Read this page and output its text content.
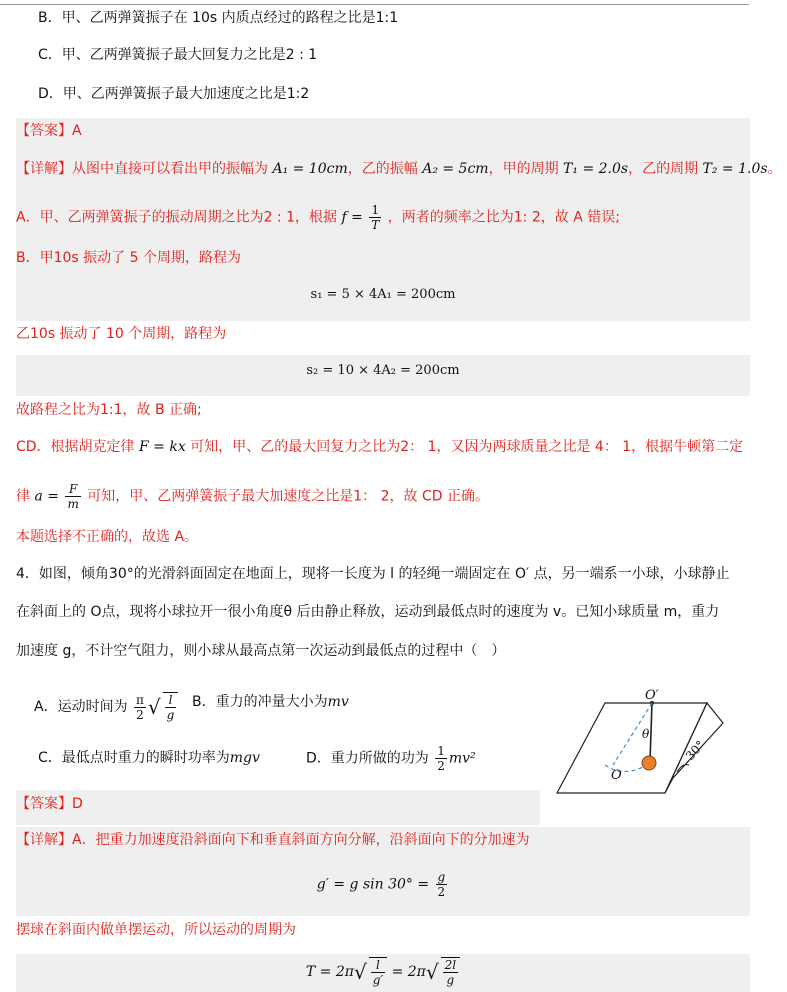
B．甲、乙两弹簧振子在 10s 内质点经过的路程之比是1:1
C．甲、乙两弹簧振子最大回复力之比是2 : 1
D．甲、乙两弹簧振子最大加速度之比是1:2
【答案】A
【详解】从图中直接可以看出甲的振幅为 A₁ = 10cm，乙的振幅 A₂ = 5cm，甲的周期 T₁ = 2.0s，乙的周期 T₂ = 1.0s。
A．甲、乙两弹簧振子的振动周期之比为2 : 1，根据 $f = \frac{1}{T}$ ，两者的频率之比为1: 2，故 A 错误;
B．甲10s 振动了 5 个周期，路程为
s₁ = 5 × 4A₁ = 200cm
乙10s 振动了 10 个周期，路程为
s₂ = 10 × 4A₂ = 200cm
故路程之比为1:1，故 B 正确;
CD．根据胡克定律 F = kx 可知，甲、乙的最大回复力之比为2： 1，又因为两球质量之比是 4： 1，根据牛顿第二定
律 $a = \frac{F}{m}$ 可知，甲、乙两弹簧振子最大加速度之比是1： 2，故 CD 正确。
本题选择不正确的，故选 A。
4．如图，倾角30°的光滑斜面固定在地面上，现将一长度为 l 的轻绳一端固定在 O′ 点，另一端系一小球，小球静止
在斜面上的 O点，现将小球拉开一很小角度θ 后由静止释放，运动到最低点时的速度为 v。已知小球质量 m，重力
加速度 g，不计空气阻力，则小球从最高点第一次运动到最低点的过程中（　）
A．运动时间为 $\frac{\pi}{2}$ √ $\frac{l}{g}$ B．重力的冲量大小为mv
C．最低点时重力的瞬时功率为mgv	D．重力所做的功为 $\frac{1}{2} mv^2$
O′
θ
O
30°
【答案】D
【详解】A．把重力加速度沿斜面向下和垂直斜面方向分解，沿斜面向下的分加速为
g′ = g $\sin 30^\circ = \frac{g}{2}$
摆球在斜面内做单摆运动，所以运动的周期为
$T = 2\pi√ \frac{l}{g'} = 2\pi√ \frac{2l}{g}$
